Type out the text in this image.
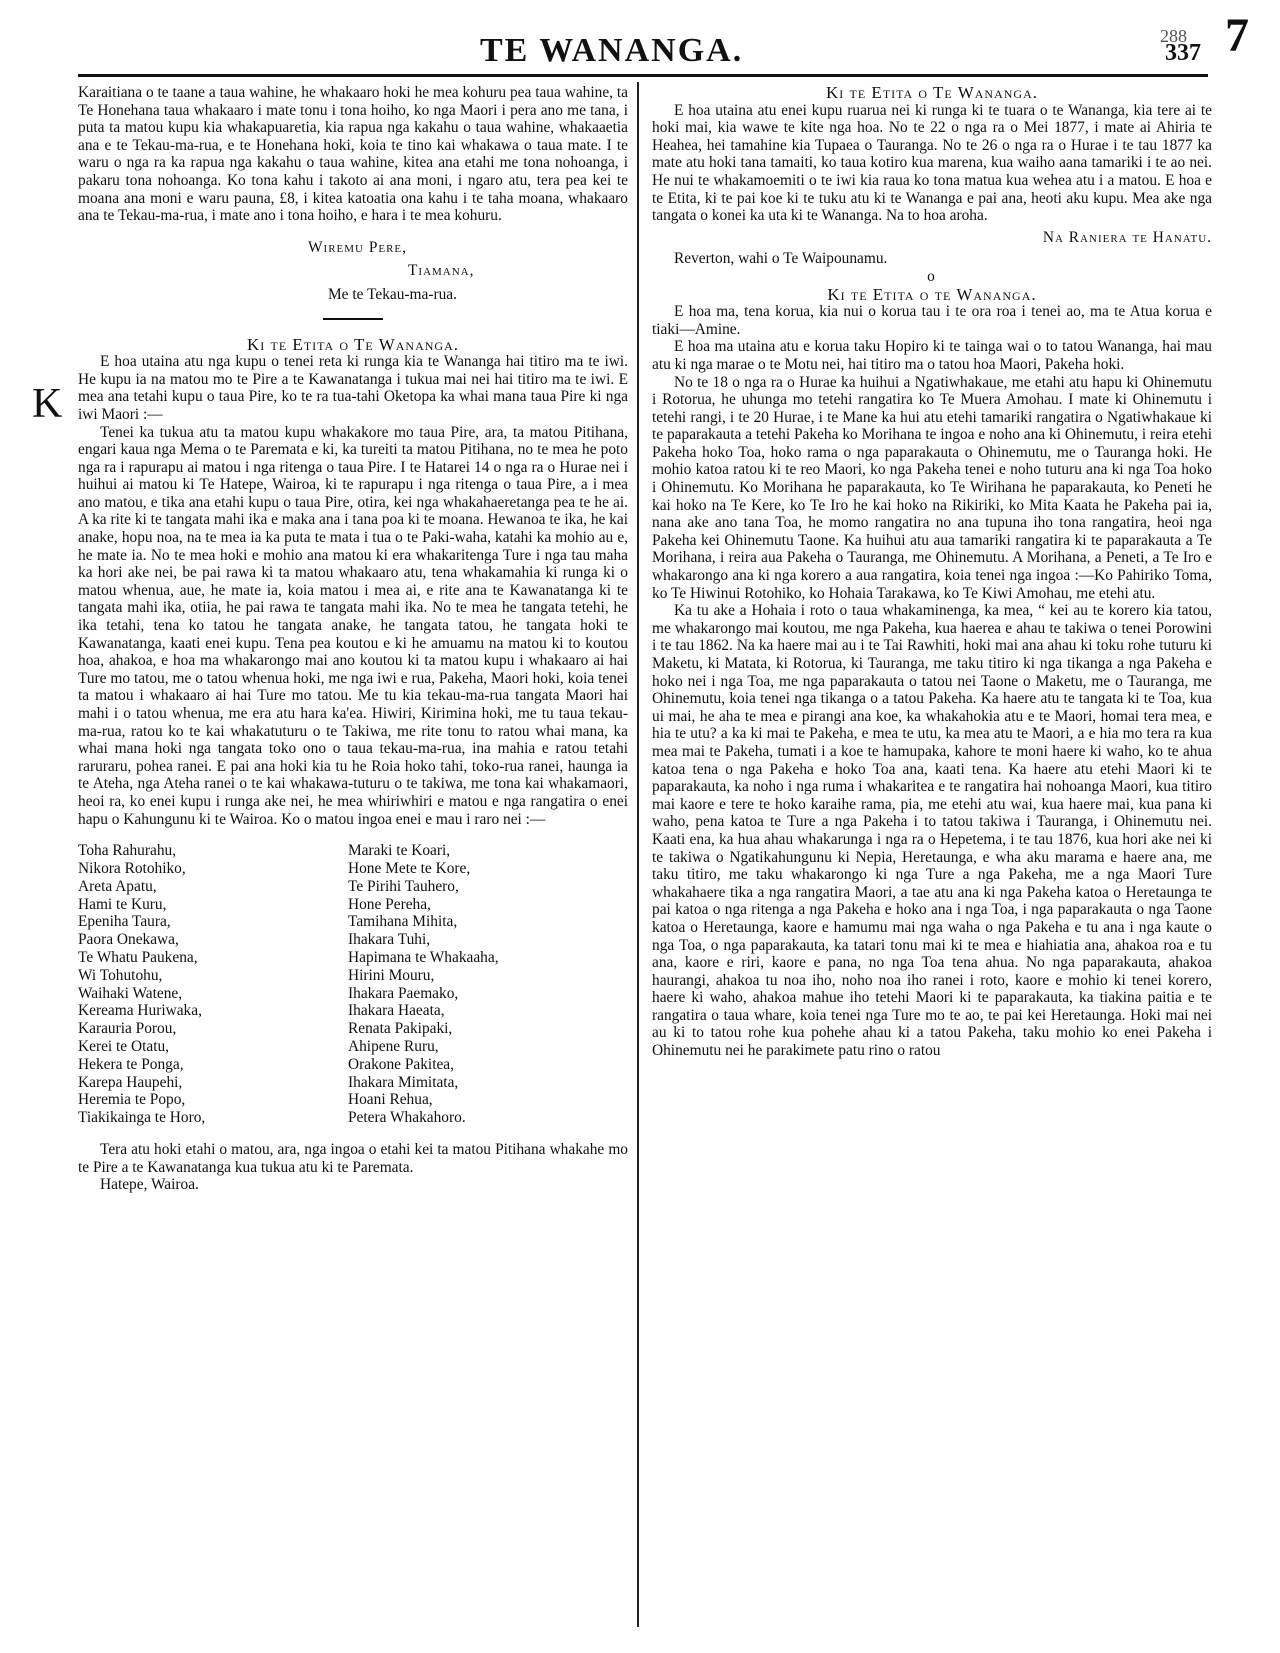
TE WANANGA.	288
337 7
K

Karaitiana o te taane a taua wahine, he whakaaro hoki he mea kohuru pea taua wahine, ta Te Honehana taua whakaaro i mate tonu i tona hoiho, ko nga Maori i pera ano me tana, i puta ta matou kupu kia whakapuaretia, kia rapua nga kakahu o taua wahine, whakaaetia ana e te Tekau-ma-rua, e te Honehana hoki, koia te tino kai whakawa o taua mate. I te waru o nga ra ka rapua nga kakahu o taua wahine, kitea ana etahi me tona nohoanga, i pakaru tona nohoanga. Ko tona kahu i takoto ai ana moni, i ngaro atu, tera pea kei te moana ana moni e waru pauna, £8, i kitea katoatia ona kahu i te taha moana, whakaaro ana te Tekau-ma-rua, i mate ano i tona hoiho, e hara i te mea kohuru.

Wiremu Pere,

Tiamana,

Me te Tekau-ma-rua.

Ki te Etita o Te Wananga.

E hoa utaina atu nga kupu o tenei reta ki runga kia te Wananga hai titiro ma te iwi. He kupu ia na matou mo te Pire a te Kawanatanga i tukua mai nei hai titiro ma te iwi. E mea ana tetahi kupu o taua Pire, ko te ra tua-tahi Oketopa ka whai mana taua Pire ki nga iwi Maori :—

Tenei ka tukua atu ta matou kupu whakakore mo taua Pire, ara, ta matou Pitihana, engari kaua nga Mema o te Paremata e ki, ka tureiti ta matou Pitihana, no te mea he poto nga ra i rapurapu ai matou i nga ritenga o taua Pire. I te Hatarei 14 o nga ra o Hurae nei i huihui ai matou ki Te Hatepe, Wairoa, ki te rapurapu i nga ritenga o taua Pire, a i mea ano matou, e tika ana etahi kupu o taua Pire, otira, kei nga whakahaeretanga pea te he ai. A ka rite ki te tangata mahi ika e maka ana i tana poa ki te moana. Hewanoa te ika, he kai anake, hopu noa, na te mea ia ka puta te mata i tua o te Paki-waha, katahi ka mohio au e, he mate ia. No te mea hoki e mohio ana matou ki era whakaritenga Ture i nga tau maha ka hori ake nei, be pai rawa ki ta matou whakaaro atu, tena whakamahia ki runga ki o matou whenua, aue, he mate ia, koia matou i mea ai, e rite ana te Kawanatanga ki te tangata mahi ika, otiia, he pai rawa te tangata mahi ika. No te mea he tangata tetehi, he ika tetahi, tena ko tatou he tangata anake, he tangata tatou, he tangata hoki te Kawanatanga, kaati enei kupu. Tena pea koutou e ki he amuamu na matou ki to koutou hoa, ahakoa, e hoa ma whakarongo mai ano koutou ki ta matou kupu i whakaaro ai hai Ture mo tatou, me o tatou whenua hoki, me nga iwi e rua, Pakeha, Maori hoki, koia tenei ta matou i whakaaro ai hai Ture mo tatou. Me tu kia tekau-ma-rua tangata Maori hai mahi i o tatou whenua, me era atu hara ka'ea. Hiwiri, Kirimina hoki, me tu taua tekau-ma-rua, ratou ko te kai whakatuturu o te Takiwa, me rite tonu to ratou whai mana, ka whai mana hoki nga tangata toko ono o taua tekau-ma-rua, ina mahia e ratou tetahi raruraru, pohea ranei. E pai ana hoki kia tu he Roia hoko tahi, toko-rua ranei, haunga ia te Ateha, nga Ateha ranei o te kai whakawa-tuturu o te takiwa, me tona kai whakamaori, heoi ra, ko enei kupu i runga ake nei, he mea whiriwhiri e matou e nga rangatira o enei hapu o Kahungunu ki te Wairoa. Ko o matou ingoa enei e mau i raro nei :—

Toha Rahurahu,
Nikora Rotohiko,
Areta Apatu,
Hami te Kuru,
Epeniha Taura,
Paora Onekawa,
Te Whatu Paukena,
Wi Tohutohu,
Waihaki Watene,
Kereama Huriwaka,
Karauria Porou,
Kerei te Otatu,
Hekera te Ponga,
Karepa Haupehi,
Heremia te Popo,
Tiakikainga te Horo,
Maraki te Koari,
Hone Mete te Kore,
Te Pirihi Tauhero,
Hone Pereha,
Tamihana Mihita,
Ihakara Tuhi,
Hapimana te Whakaaha,
Hirini Mouru,
Ihakara Paemako,
Ihakara Haeata,
Renata Pakipaki,
Ahipene Ruru,
Orakone Pakitea,
Ihakara Mimitata,
Hoani Rehua,
Petera Whakahoro.

Tera atu hoki etahi o matou, ara, nga ingoa o etahi kei ta matou Pitihana whakahe mo te Pire a te Kawanatanga kua tukua atu ki te Paremata.

Hatepe, Wairoa.

Ki te Etita o Te Wananga.

E hoa utaina atu enei kupu ruarua nei ki runga ki te tuara o te Wananga, kia tere ai te hoki mai, kia wawe te kite nga hoa. No te 22 o nga ra o Mei 1877, i mate ai Ahiria te Heahea, hei tamahine kia Tupaea o Tauranga. No te 26 o nga ra o Hurae i te tau 1877 ka mate atu hoki tana tamaiti, ko taua kotiro kua marena, kua waiho aana tamariki i te ao nei. He nui te whakamoemiti o te iwi kia raua ko tona matua kua wehea atu i a matou. E hoa e te Etita, ki te pai koe ki te tuku atu ki te Wananga e pai ana, heoti aku kupu. Mea ake nga tangata o konei ka uta ki te Wananga. Na to hoa aroha.

Na Raniera te Hanatu.

Reverton, wahi o Te Waipounamu.

o

Ki te Etita o te Wananga.

E hoa ma, tena korua, kia nui o korua tau i te ora roa i tenei ao, ma te Atua korua e tiaki—Amine.

E hoa ma utaina atu e korua taku Hopiro ki te tainga wai o to tatou Wananga, hai mau atu ki nga marae o te Motu nei, hai titiro ma o tatou hoa Maori, Pakeha hoki.

No te 18 o nga ra o Hurae ka huihui a Ngatiwhakaue, me etahi atu hapu ki Ohinemutu i Rotorua, he uhunga mo tetehi rangatira ko Te Muera Amohau. I mate ki Ohinemutu i tetehi rangi, i te 20 Hurae, i te Mane ka hui atu etehi tamariki rangatira o Ngatiwhakaue ki te paparakauta a tetehi Pakeha ko Morihana te ingoa e noho ana ki Ohinemutu, i reira etehi Pakeha hoko Toa, hoko rama o nga paparakauta o Ohinemutu, me o Tauranga hoki. He mohio katoa ratou ki te reo Maori, ko nga Pakeha tenei e noho tuturu ana ki nga Toa hoko i Ohinemutu. Ko Morihana he paparakauta, ko Te Wirihana he paparakauta, ko Peneti he kai hoko na Te Kere, ko Te Iro he kai hoko na Rikiriki, ko Mita Kaata he Pakeha pai ia, nana ake ano tana Toa, he momo rangatira no ana tupuna iho tona rangatira, heoi nga Pakeha kei Ohinemutu Taone. Ka huihui atu aua tamariki rangatira ki te paparakauta a Te Morihana, i reira aua Pakeha o Tauranga, me Ohinemutu. A Morihana, a Peneti, a Te Iro e whakarongo ana ki nga korero a aua rangatira, koia tenei nga ingoa :—Ko Pahiriko Toma, ko Te Hiwinui Rotohiko, ko Hohaia Tarakawa, ko Te Kiwi Amohau, me etehi atu.

Ka tu ake a Hohaia i roto o taua whakaminenga, ka mea, “ kei au te korero kia tatou, me whakarongo mai koutou, me nga Pakeha, kua haerea e ahau te takiwa o tenei Porowini i te tau 1862. Na ka haere mai au i te Tai Rawhiti, hoki mai ana ahau ki toku rohe tuturu ki Maketu, ki Matata, ki Rotorua, ki Tauranga, me taku titiro ki nga tikanga a nga Pakeha e hoko nei i nga Toa, me nga paparakauta o tatou nei Taone o Maketu, me o Tauranga, me Ohinemutu, koia tenei nga tikanga o a tatou Pakeha. Ka haere atu te tangata ki te Toa, kua ui mai, he aha te mea e pirangi ana koe, ka whakahokia atu e te Maori, homai tera mea, e hia te utu? a ka ki mai te Pakeha, e mea te utu, ka mea atu te Maori, a e hia mo tera ra kua mea mai te Pakeha, tumati i a koe te hamupaka, kahore te moni haere ki waho, ko te ahua katoa tena o nga Pakeha e hoko Toa ana, kaati tena. Ka haere atu etehi Maori ki te paparakauta, ka noho i nga ruma i whakaritea e te rangatira hai nohoanga Maori, kua titiro mai kaore e tere te hoko karaihe rama, pia, me etehi atu wai, kua haere mai, kua pana ki waho, pena katoa te Ture a nga Pakeha i to tatou takiwa i Tauranga, i Ohinemutu nei. Kaati ena, ka hua ahau whakarunga i nga ra o Hepetema, i te tau 1876, kua hori ake nei ki te takiwa o Ngatikahungunu ki Nepia, Heretaunga, e wha aku marama e haere ana, me taku titiro, me taku whakarongo ki nga Ture a nga Pakeha, me a nga Maori Ture whakahaere tika a nga rangatira Maori, a tae atu ana ki nga Pakeha katoa o Heretaunga te pai katoa o nga ritenga a nga Pakeha e hoko ana i nga Toa, i nga paparakauta o nga Taone katoa o Heretaunga, kaore e hamumu mai nga waha o nga Pakeha e tu ana i nga kaute o nga Toa, o nga paparakauta, ka tatari tonu mai ki te mea e hiahiatia ana, ahakoa roa e tu ana, kaore e riri, kaore e pana, no nga Toa tena ahua. No nga paparakauta, ahakoa haurangi, ahakoa tu noa iho, noho noa iho ranei i roto, kaore e mohio ki tenei korero, haere ki waho, ahakoa mahue iho tetehi Maori ki te paparakauta, ka tiakina paitia e te rangatira o taua whare, koia tenei nga Ture mo te ao, te pai kei Heretaunga. Hoki mai nei au ki to tatou rohe kua pohehe ahau ki a tatou Pakeha, taku mohio ko enei Pakeha i Ohinemutu nei he parakimete patu rino o ratou
